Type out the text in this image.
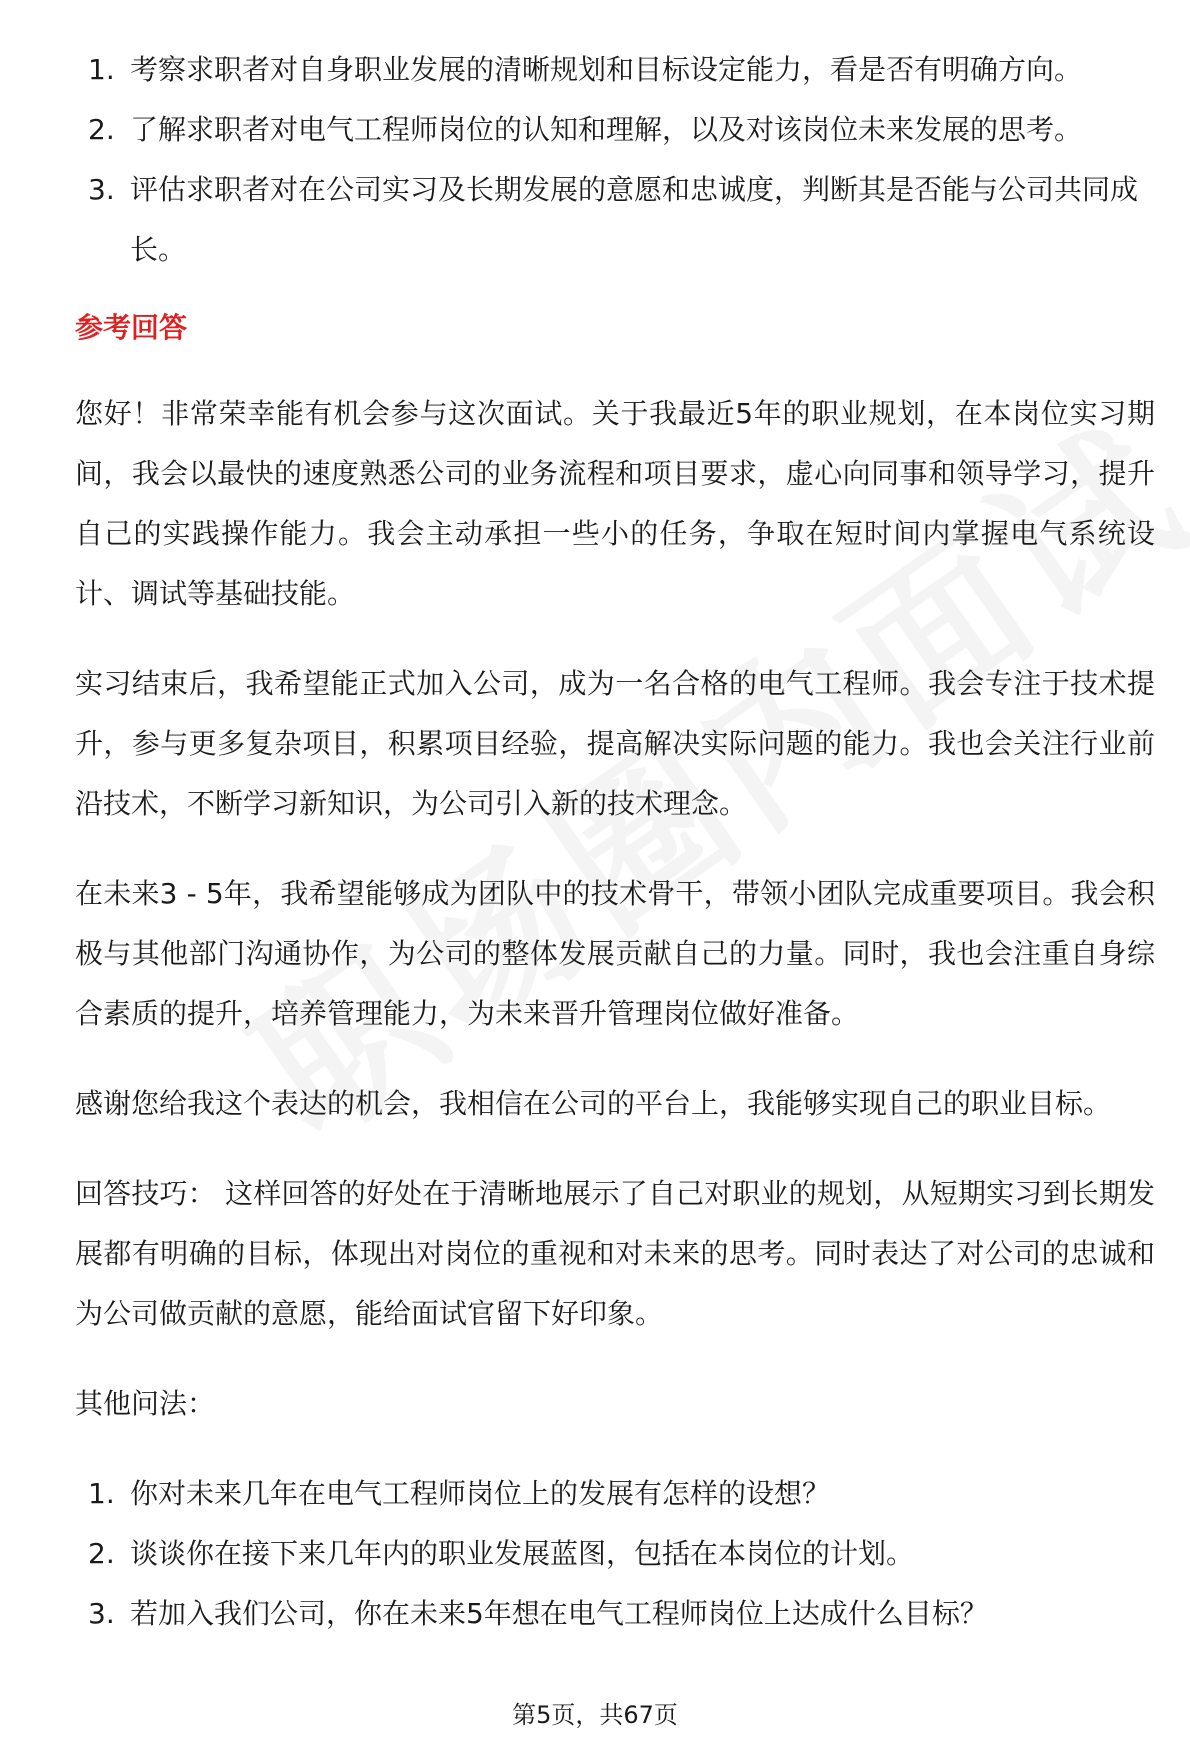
1. 考察求职者对自身职业发展的清晰规划和目标设定能力，看是否有明确方向。
2. 了解求职者对电气工程师岗位的认知和理解，以及对该岗位未来发展的思考。
3. 评估求职者对在公司实习及长期发展的意愿和忠诚度，判断其是否能与公司共同成长。
参考回答

您好！非常荣幸能有机会参与这次面试。关于我最近5年的职业规划，在本岗位实习期间，我会以最快的速度熟悉公司的业务流程和项目要求，虚心向同事和领导学习，提升自己的实践操作能力。我会主动承担一些小的任务，争取在短时间内掌握电气系统设计、调试等基础技能。

实习结束后，我希望能正式加入公司，成为一名合格的电气工程师。我会专注于技术提升，参与更多复杂项目，积累项目经验，提高解决实际问题的能力。我也会关注行业前沿技术，不断学习新知识，为公司引入新的技术理念。

在未来3 - 5年，我希望能够成为团队中的技术骨干，带领小团队完成重要项目。我会积极与其他部门沟通协作，为公司的整体发展贡献自己的力量。同时，我也会注重自身综合素质的提升，培养管理能力，为未来晋升管理岗位做好准备。

感谢您给我这个表达的机会，我相信在公司的平台上，我能够实现自己的职业目标。

回答技巧： 这样回答的好处在于清晰地展示了自己对职业的规划，从短期实习到长期发展都有明确的目标，体现出对岗位的重视和对未来的思考。同时表达了对公司的忠诚和为公司做贡献的意愿，能给面试官留下好印象。

其他问法：

1. 你对未来几年在电气工程师岗位上的发展有怎样的设想？
2. 谈谈你在接下来几年内的职业发展蓝图，包括在本岗位的计划。
3. 若加入我们公司，你在未来5年想在电气工程师岗位上达成什么目标？
第5页，共67页
